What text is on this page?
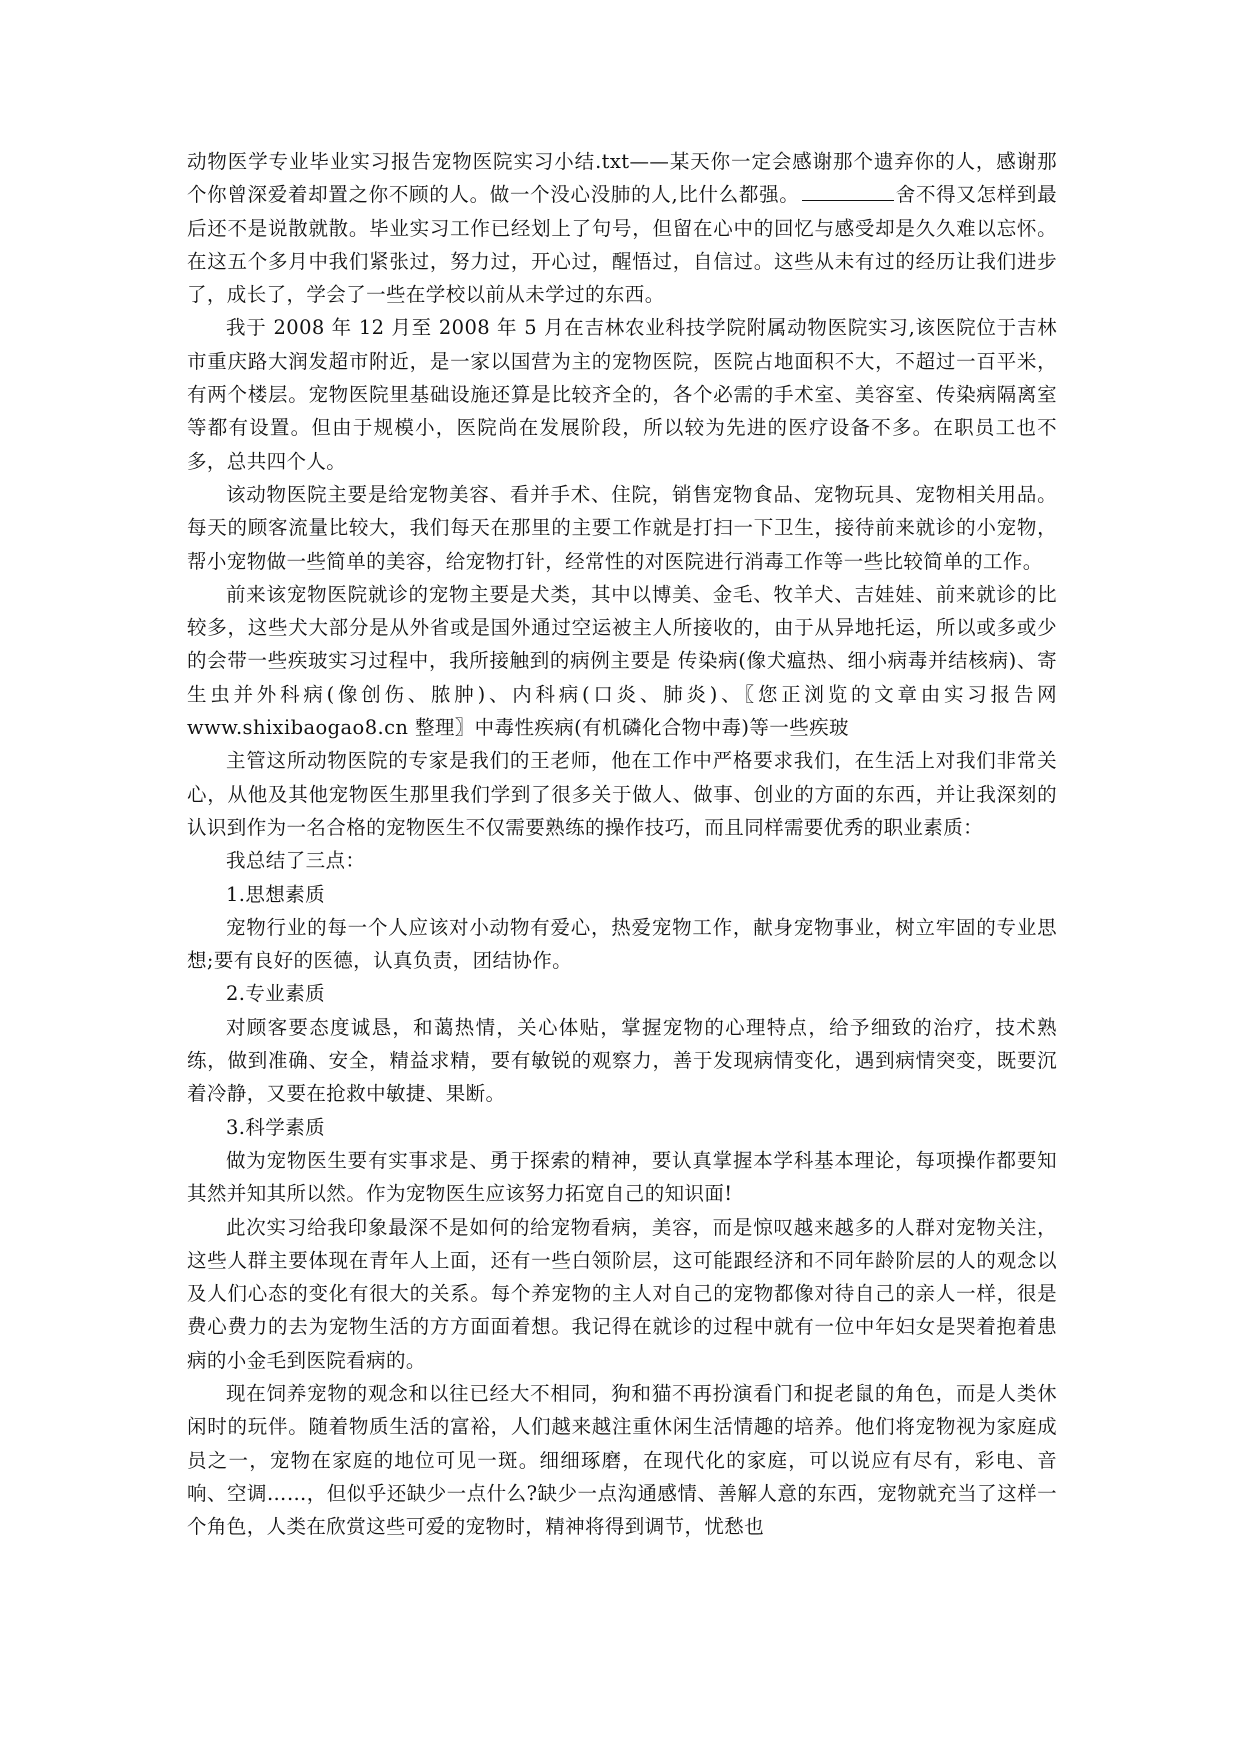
动物医学专业毕业实习报告宠物医院实习小结.txt——某天你一定会感谢那个遗弃你的人，感谢那个你曾深爱着却置之你不顾的人。做一个没心没肺的人,比什么都强。	舍不得又怎样到最后还不是说散就散。毕业实习工作已经划上了句号，但留在心中的回忆与感受却是久久难以忘怀。在这五个多月中我们紧张过，努力过，开心过，醒悟过，自信过。这些从未有过的经历让我们进步了，成长了，学会了一些在学校以前从未学过的东西。

我于 2008 年 12 月至 2008 年 5 月在吉林农业科技学院附属动物医院实习,该医院位于吉林市重庆路大润发超市附近，是一家以国营为主的宠物医院，医院占地面积不大，不超过一百平米，有两个楼层。宠物医院里基础设施还算是比较齐全的，各个必需的手术室、美容室、传染病隔离室等都有设置。但由于规模小，医院尚在发展阶段，所以较为先进的医疗设备不多。在职员工也不多，总共四个人。

该动物医院主要是给宠物美容、看并手术、住院，销售宠物食品、宠物玩具、宠物相关用品。每天的顾客流量比较大，我们每天在那里的主要工作就是打扫一下卫生，接待前来就诊的小宠物，帮小宠物做一些简单的美容，给宠物打针，经常性的对医院进行消毒工作等一些比较简单的工作。

前来该宠物医院就诊的宠物主要是犬类，其中以博美、金毛、牧羊犬、吉娃娃、前来就诊的比较多，这些犬大部分是从外省或是国外通过空运被主人所接收的，由于从异地托运，所以或多或少的会带一些疾玻实习过程中，我所接触到的病例主要是 传染病(像犬瘟热、细小病毒并结核病)、寄生虫并外科病(像创伤、脓肿)、内科病(口炎、肺炎)、〖您正浏览的文章由实习报告网 www.shixibaogao8.cn 整理〗中毒性疾病(有机磷化合物中毒)等一些疾玻

主管这所动物医院的专家是我们的王老师，他在工作中严格要求我们，在生活上对我们非常关心，从他及其他宠物医生那里我们学到了很多关于做人、做事、创业的方面的东西，并让我深刻的认识到作为一名合格的宠物医生不仅需要熟练的操作技巧，而且同样需要优秀的职业素质：

我总结了三点：

1.思想素质

宠物行业的每一个人应该对小动物有爱心，热爱宠物工作，献身宠物事业，树立牢固的专业思想;要有良好的医德，认真负责，团结协作。

2.专业素质

对顾客要态度诚恳，和蔼热情，关心体贴，掌握宠物的心理特点，给予细致的治疗，技术熟练，做到准确、安全，精益求精，要有敏锐的观察力，善于发现病情变化，遇到病情突变，既要沉着冷静，又要在抢救中敏捷、果断。

3.科学素质

做为宠物医生要有实事求是、勇于探索的精神，要认真掌握本学科基本理论，每项操作都要知其然并知其所以然。作为宠物医生应该努力拓宽自己的知识面!

此次实习给我印象最深不是如何的给宠物看病，美容，而是惊叹越来越多的人群对宠物关注，这些人群主要体现在青年人上面，还有一些白领阶层，这可能跟经济和不同年龄阶层的人的观念以及人们心态的变化有很大的关系。每个养宠物的主人对自己的宠物都像对待自己的亲人一样，很是费心费力的去为宠物生活的方方面面着想。我记得在就诊的过程中就有一位中年妇女是哭着抱着患病的小金毛到医院看病的。

现在饲养宠物的观念和以往已经大不相同，狗和猫不再扮演看门和捉老鼠的角色，而是人类休闲时的玩伴。随着物质生活的富裕，人们越来越注重休闲生活情趣的培养。他们将宠物视为家庭成员之一，宠物在家庭的地位可见一斑。细细琢磨，在现代化的家庭，可以说应有尽有，彩电、音响、空调……，但似乎还缺少一点什么?缺少一点沟通感情、善解人意的东西，宠物就充当了这样一个角色，人类在欣赏这些可爱的宠物时，精神将得到调节，忧愁也
